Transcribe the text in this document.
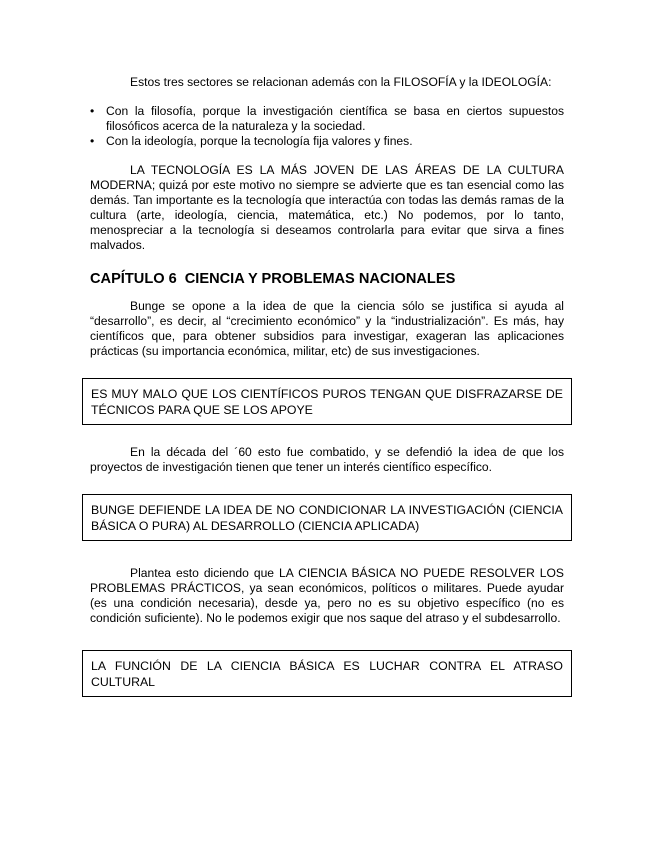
Estos tres sectores se relacionan además con la FILOSOFÍA y la IDEOLOGÍA:

• Con la filosofía, porque la investigación científica se basa en ciertos supuestos filosóficos acerca de la naturaleza y la sociedad.
• Con la ideología, porque la tecnología fija valores y fines.

LA TECNOLOGÍA ES LA MÁS JOVEN DE LAS ÁREAS DE LA CULTURA MODERNA; quizá por este motivo no siempre se advierte que es tan esencial como las demás. Tan importante es la tecnología que interactúa con todas las demás ramas de la cultura (arte, ideología, ciencia, matemática, etc.) No podemos, por lo tanto, menospreciar a la tecnología si deseamos controlarla para evitar que sirva a fines malvados.

CAPÍTULO 6 CIENCIA Y PROBLEMAS NACIONALES

Bunge se opone a la idea de que la ciencia sólo se justifica si ayuda al “desarrollo”, es decir, al “crecimiento económico” y la “industrialización”. Es más, hay científicos que, para obtener subsidios para investigar, exageran las aplicaciones prácticas (su importancia económica, militar, etc) de sus investigaciones.

ES MUY MALO QUE LOS CIENTÍFICOS PUROS TENGAN QUE DISFRAZARSE DE TÉCNICOS PARA QUE SE LOS APOYE

En la década del ´60 esto fue combatido, y se defendió la idea de que los proyectos de investigación tienen que tener un interés científico específico.

BUNGE DEFIENDE LA IDEA DE NO CONDICIONAR LA INVESTIGACIÓN (CIENCIA BÁSICA O PURA) AL DESARROLLO (CIENCIA APLICADA)

Plantea esto diciendo que LA CIENCIA BÁSICA NO PUEDE RESOLVER LOS PROBLEMAS PRÁCTICOS, ya sean económicos, políticos o militares. Puede ayudar (es una condición necesaria), desde ya, pero no es su objetivo específico (no es condición suficiente). No le podemos exigir que nos saque del atraso y el subdesarrollo.

LA FUNCIÓN DE LA CIENCIA BÁSICA ES LUCHAR CONTRA EL ATRASO CULTURAL
